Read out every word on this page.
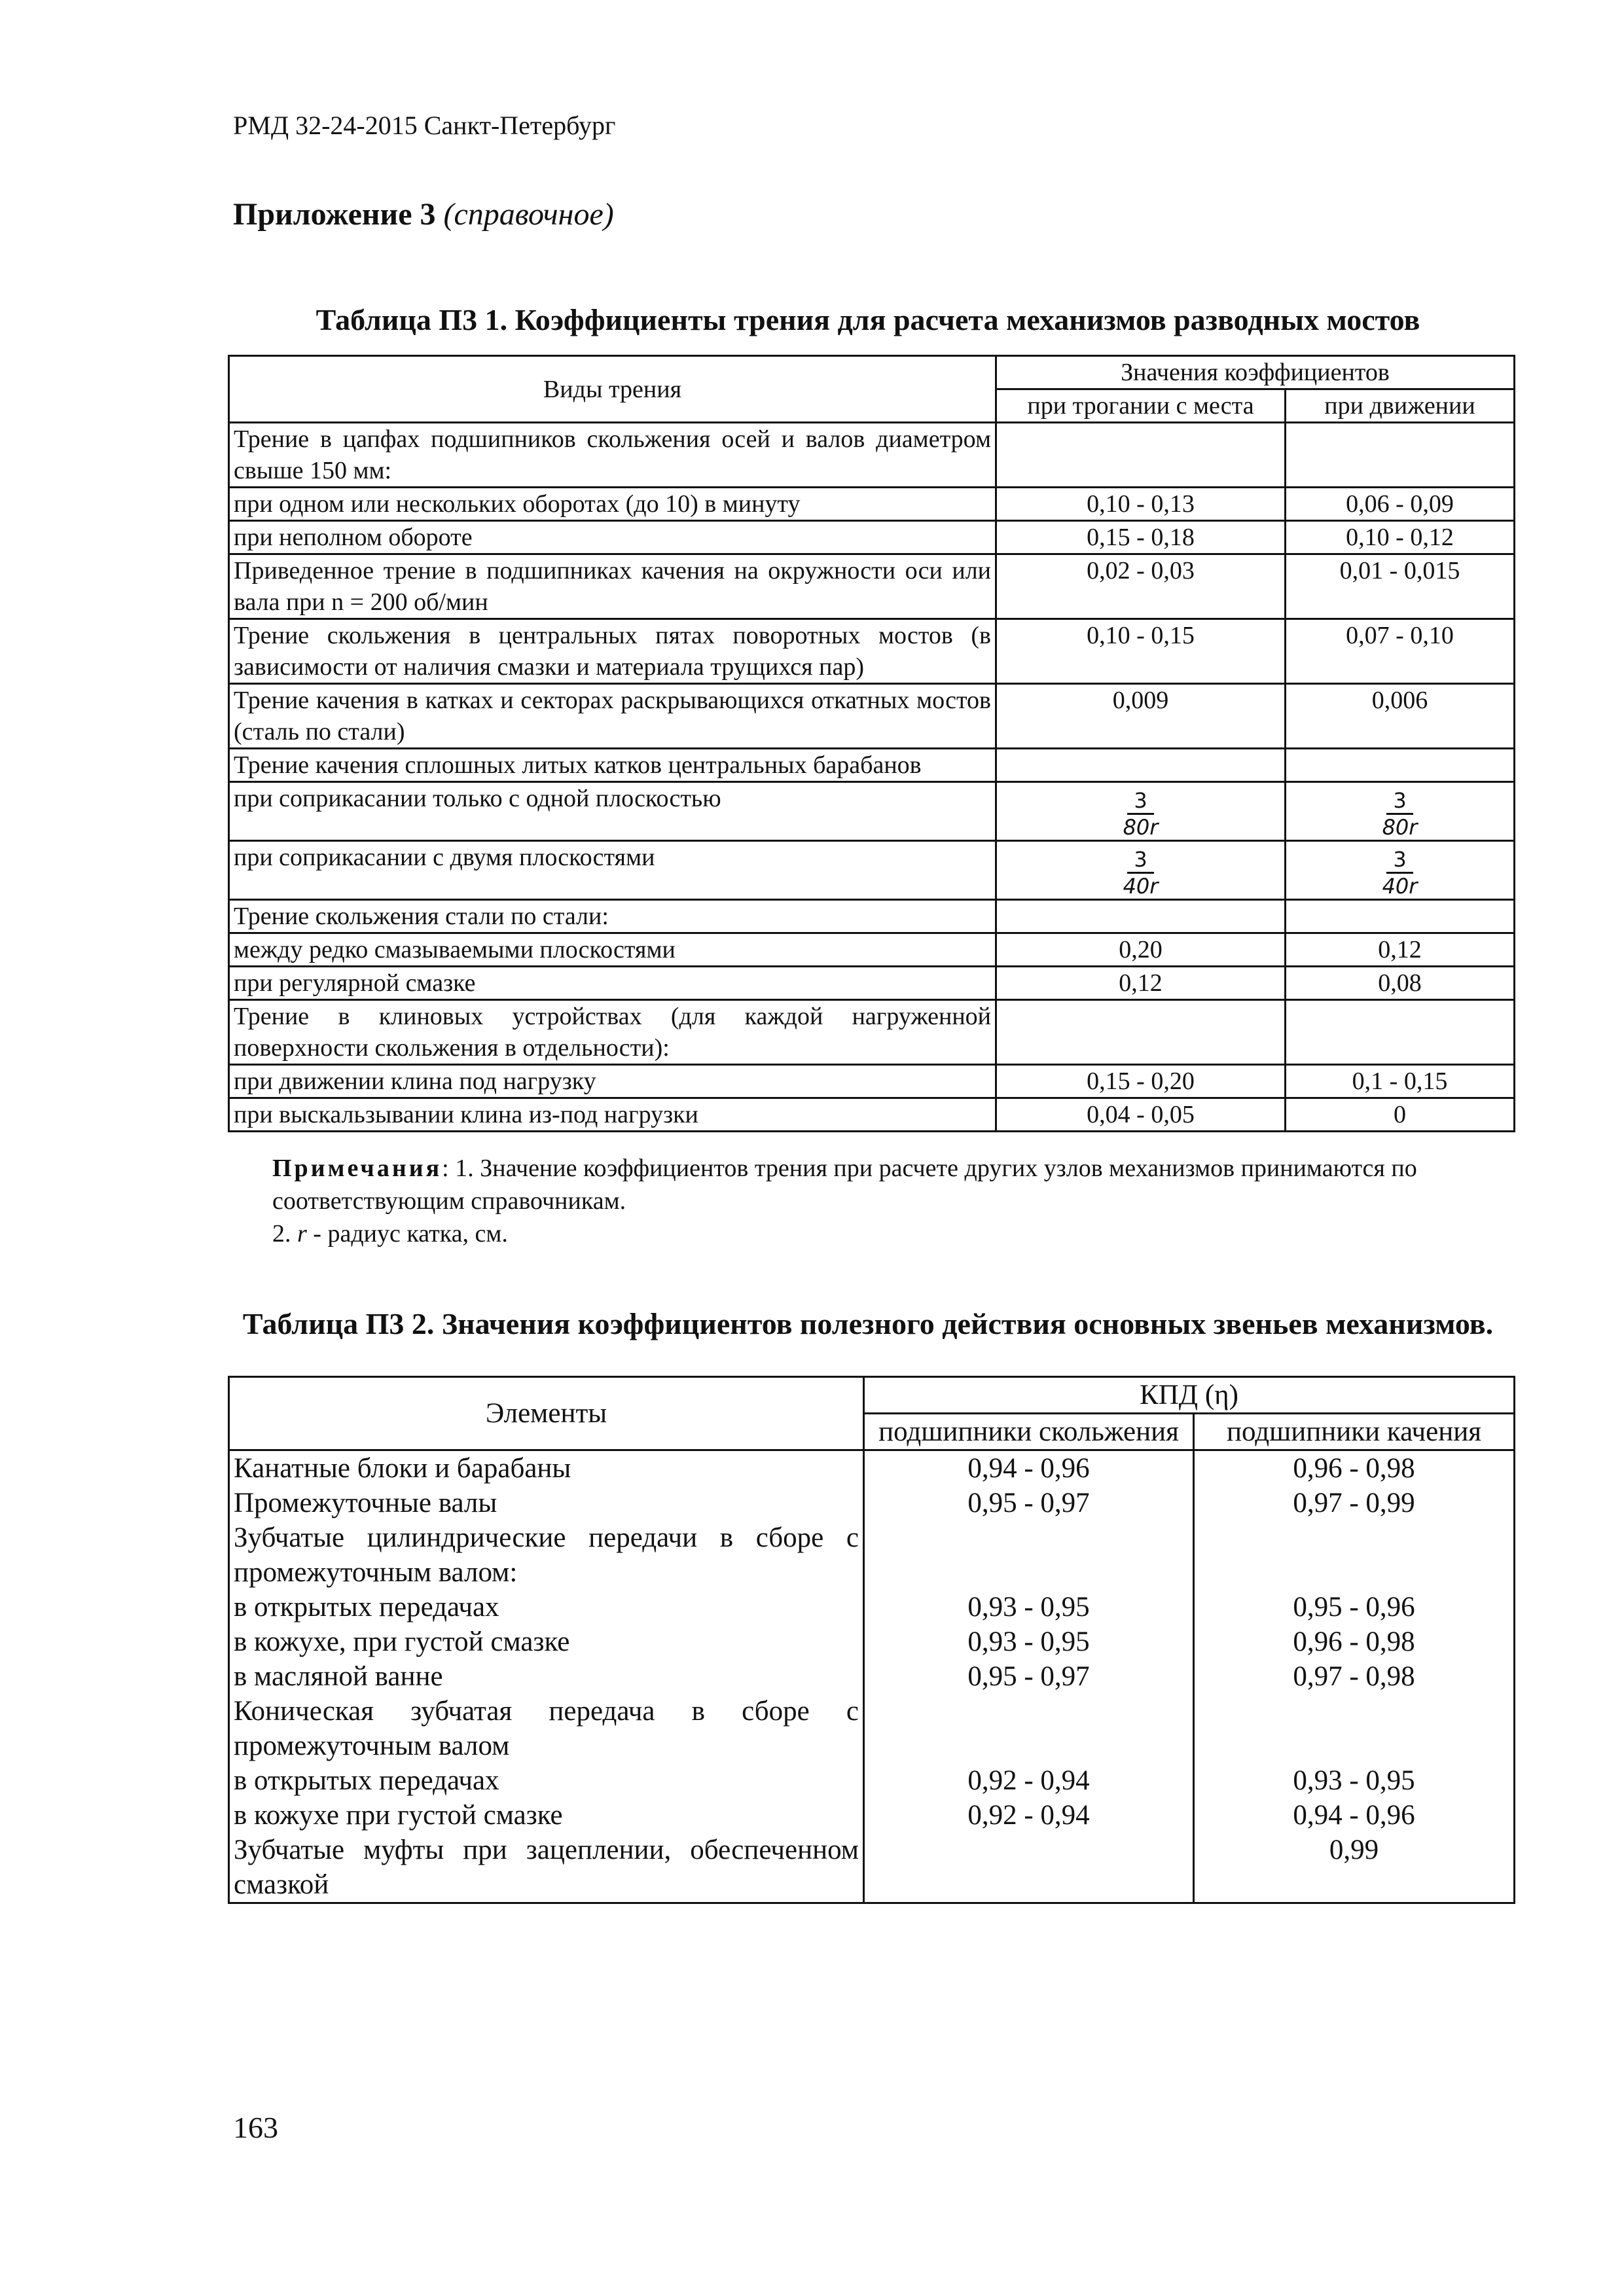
РМД 32-24-2015 Санкт-Петербург
Приложение 3 (справочное)
Таблица П3 1. Коэффициенты трения для расчета механизмов разводных мостов
Виды трения	Значения коэффициентов	
	при трогании с места	при движении
Трение в цапфах подшипников скольжения осей и валов диаметром свыше 150 мм:		
при одном или нескольких оборотах (до 10) в минуту	0,10 - 0,13	0,06 - 0,09
при неполном обороте	0,15 - 0,18	0,10 - 0,12
Приведенное трение в подшипниках качения на окружности оси или вала при n = 200 об/мин	0,02 - 0,03	0,01 - 0,015
Трение скольжения в центральных пятах поворотных мостов (в зависимости от наличия смазки и материала трущихся пар)	0,10 - 0,15	0,07 - 0,10
Трение качения в катках и секторах раскрывающихся откатных мостов (сталь по стали)	0,009	0,006
Трение качения сплошных литых катков центральных барабанов		
при соприкасании только с одной плоскостью	$\frac{3}{80r}$	$\frac{3}{80r}$

при соприкасании с двумя плоскостями	$\frac{3}{40r}$	$\frac{3}{40r}$

Трение скольжения стали по стали:		
между редко смазываемыми плоскостями	0,20	0,12
при регулярной смазке	0,12	0,08
Трение в клиновых устройствах (для каждой нагруженной поверхности скольжения в отдельности):		
при движении клина под нагрузку	0,15 - 0,20	0,1 - 0,15
при выскальзывании клина из-под нагрузки	0,04 - 0,05	0
Примечания: 1. Значение коэффициентов трения при расчете других узлов механизмов принимаются по соответствующим справочникам.
2. r - радиус катка, см.
Таблица П3 2. Значения коэффициентов полезного действия основных звеньев механизмов.
Элементы	КПД (η)	
	подшипники скольжения	подшипники качения
Канатные блоки и барабаны	0,94 - 0,96	0,96 - 0,98
Промежуточные валы	0,95 - 0,97	0,97 - 0,99
Зубчатые цилиндрические передачи в сборе с промежуточным валом:		
в открытых передачах	0,93 - 0,95	0,95 - 0,96
в кожухе, при густой смазке	0,93 - 0,95	0,96 - 0,98
в масляной ванне	0,95 - 0,97	0,97 - 0,98
Коническая зубчатая передача в сборе с промежуточным валом		
в открытых передачах	0,92 - 0,94	0,93 - 0,95
в кожухе при густой смазке	0,92 - 0,94	0,94 - 0,96
Зубчатые муфты при зацеплении, обеспеченном смазкой		0,99
163
